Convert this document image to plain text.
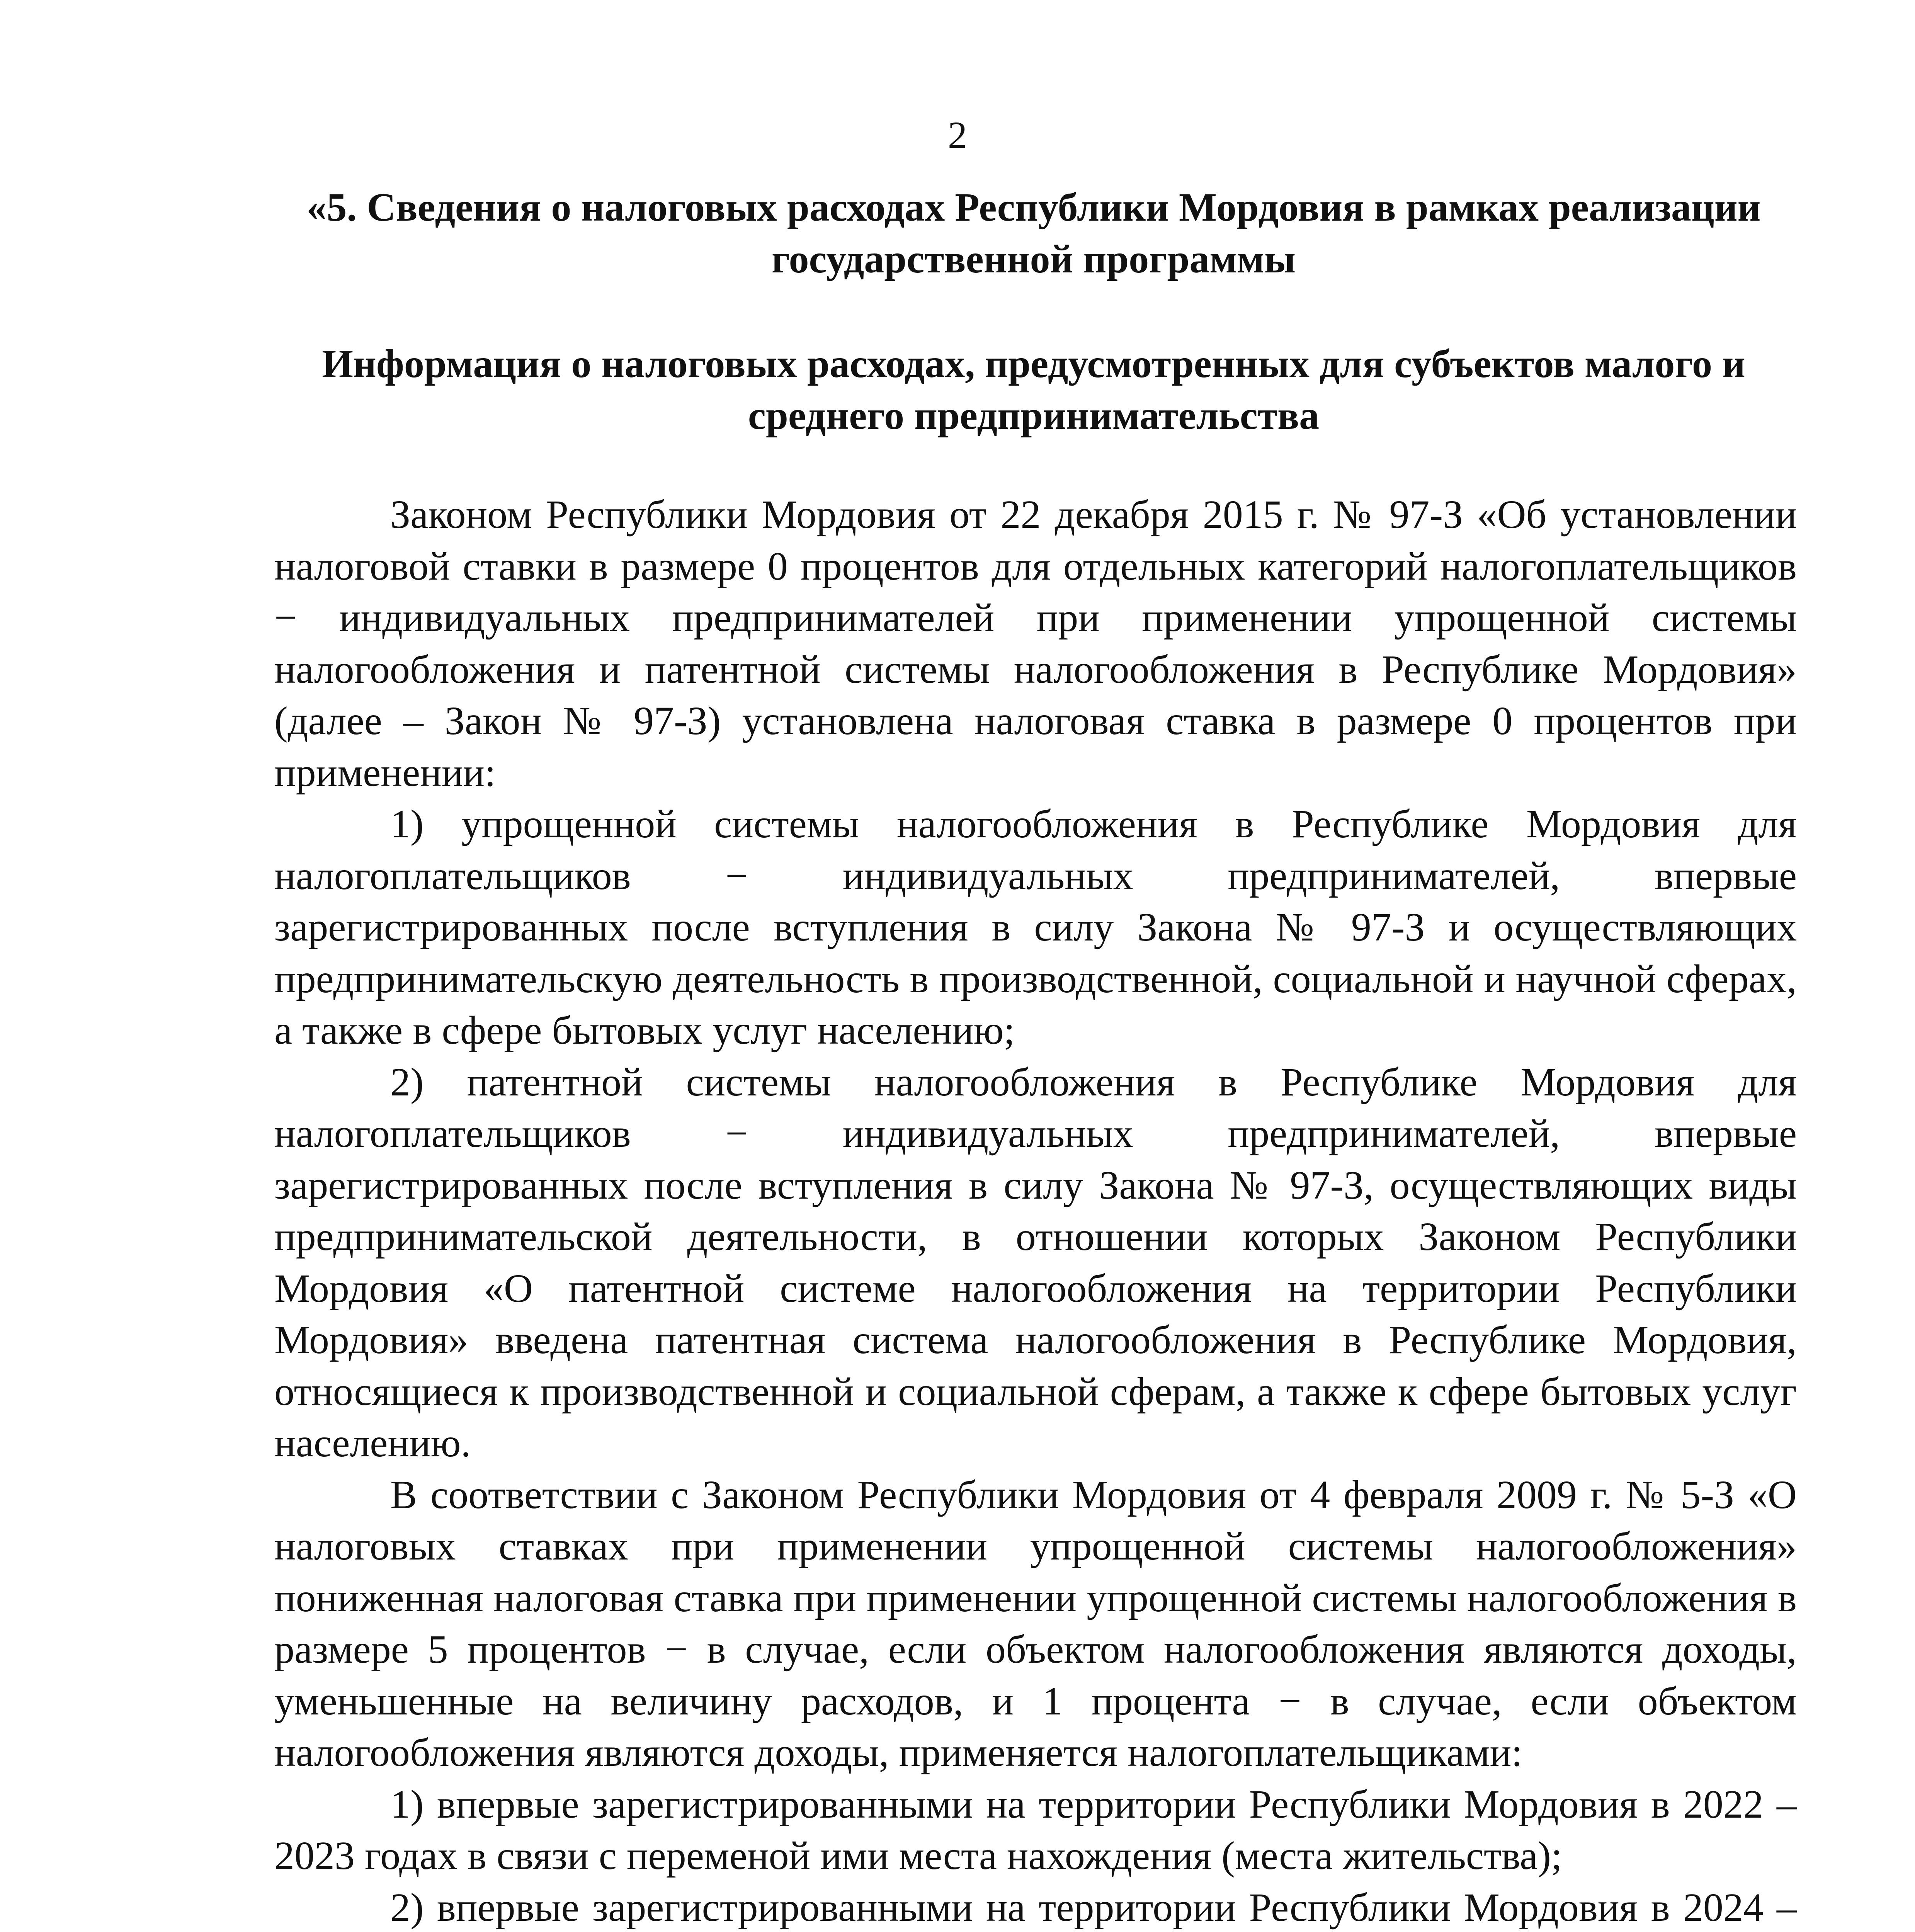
2
«5. Сведения о налоговых расходах Республики Мордовия в рамках реализации государственной программы
Информация о налоговых расходах, предусмотренных для субъектов малого и среднего предпринимательства

Законом Республики Мордовия от 22 декабря 2015 г. № 97-З «Об установлении налоговой ставки в размере 0 процентов для отдельных категорий налогоплательщиков − индивидуальных предпринимателей при применении упрощенной системы налогообложения и патентной системы налогообложения в Республике Мордовия» (далее – Закон № 97-З) установлена налоговая ставка в размере 0 процентов при применении:

1) упрощенной системы налогообложения в Республике Мордовия для налогоплательщиков − индивидуальных предпринимателей, впервые зарегистрированных после вступления в силу Закона № 97-З и осуществляющих предпринимательскую деятельность в производственной, социальной и научной сферах, а также в сфере бытовых услуг населению;

2) патентной системы налогообложения в Республике Мордовия для налогоплательщиков − индивидуальных предпринимателей, впервые зарегистрированных после вступления в силу Закона № 97-З, осуществляющих виды предпринимательской деятельности, в отношении которых Законом Республики Мордовия «О патентной системе налогообложения на территории Республики Мордовия» введена патентная система налогообложения в Республике Мордовия, относящиеся к производственной и социальной сферам, а также к сфере бытовых услуг населению.

В соответствии с Законом Республики Мордовия от 4 февраля 2009 г. № 5-З «О налоговых ставках при применении упрощенной системы налогообложения» пониженная налоговая ставка при применении упрощенной системы налогообложения в размере 5 процентов − в случае, если объектом налогообложения являются доходы, уменьшенные на величину расходов, и 1 процента − в случае, если объектом налогообложения являются доходы, применяется налогоплательщиками:

1) впервые зарегистрированными на территории Республики Мордовия в 2022 – 2023 годах в связи с переменой ими места нахождения (места жительства);

2) впервые зарегистрированными на территории Республики Мордовия в 2024 –
